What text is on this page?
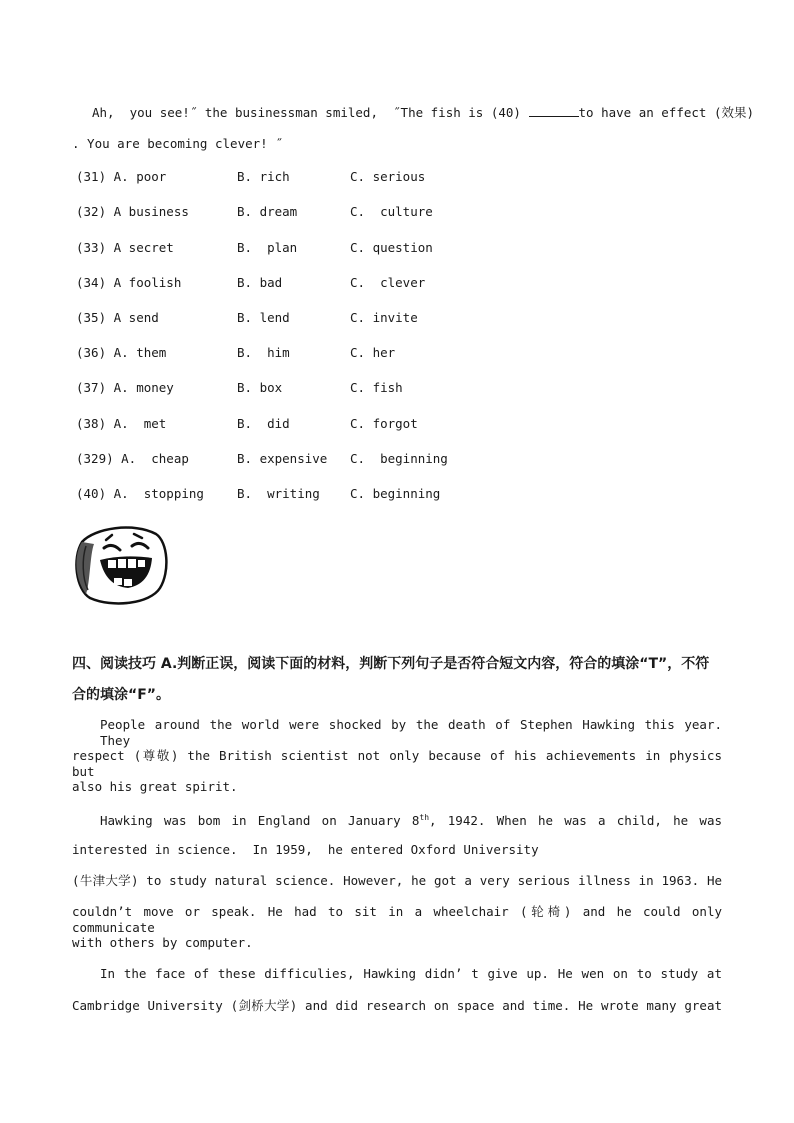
Ah,  you see!˝ the businessman smiled,  ˝The fish is (40)	to have an effect (效果)
. You are becoming clever! ˝
(31) A. poor	B. rich	C. serious
(32) A business	B. dream	C.  culture
(33) A secret	B.  plan	C. question
(34) A foolish	B. bad	C.  clever
(35) A send	B. lend	C. invite
(36) A. them	B.  him	C. her
(37) A. money	B. box	C. fish
(38) A.  met	B.  did	C. forgot
(329) A.  cheap	B. expensive C.  beginning
(40) A.  stopping	B.  writing C. beginning
四、阅读技巧 A.判断正误，阅读下面的材料，判断下列句子是否符合短文内容，符合的填涂“T”，不符
合的填涂“F”。
People around the world were shocked by the death of Stephen Hawking this year. They
respect (尊敬) the British scientist not only because of his achievements in physics but
also his great spirit.
Hawking was bom in England on January 8th, 1942. When he was a child, he was
interested in science.  In 1959,  he entered Oxford University
(牛津大学) to study natural science. However, he got a very serious illness in 1963. He
couldn’t move or speak. He had to sit in a wheelchair (轮椅) and he could only communicate
with others by computer.
In the face of these difficulies, Hawking didn’ t give up. He wen on to study at
Cambridge University (剑桥大学) and did research on space and time. He wrote many great
